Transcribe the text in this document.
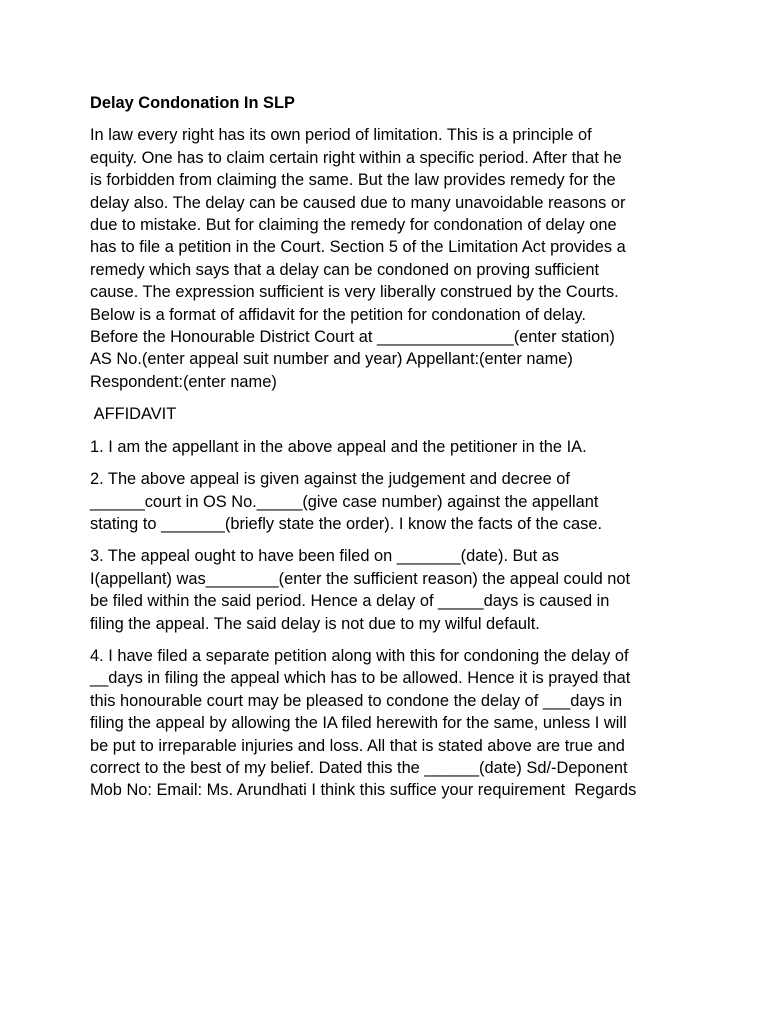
Delay Condonation In SLP
In law every right has its own period of limitation. This is a principle of
equity. One has to claim certain right within a specific period. After that he
is forbidden from claiming the same. But the law provides remedy for the
delay also. The delay can be caused due to many unavoidable reasons or
due to mistake. But for claiming the remedy for condonation of delay one
has to file a petition in the Court. Section 5 of the Limitation Act provides a
remedy which says that a delay can be condoned on proving sufficient
cause. The expression sufficient is very liberally construed by the Courts.
Below is a format of affidavit for the petition for condonation of delay.
Before the Honourable District Court at _______________(enter station)
AS No.(enter appeal suit number and year) Appellant:(enter name)
Respondent:(enter name)
AFFIDAVIT
1. I am the appellant in the above appeal and the petitioner in the IA.
2. The above appeal is given against the judgement and decree of
______court in OS No._____(give case number) against the appellant
stating to _______(briefly state the order). I know the facts of the case.
3. The appeal ought to have been filed on _______(date). But as
I(appellant) was________(enter the sufficient reason) the appeal could not
be filed within the said period. Hence a delay of _____days is caused in
filing the appeal. The said delay is not due to my wilful default.
4. I have filed a separate petition along with this for condoning the delay of
__days in filing the appeal which has to be allowed. Hence it is prayed that
this honourable court may be pleased to condone the delay of ___days in
filing the appeal by allowing the IA filed herewith for the same, unless I will
be put to irreparable injuries and loss. All that is stated above are true and
correct to the best of my belief. Dated this the ______(date) Sd/-Deponent
Mob No: Email: Ms. Arundhati I think this suffice your requirement  Regards
